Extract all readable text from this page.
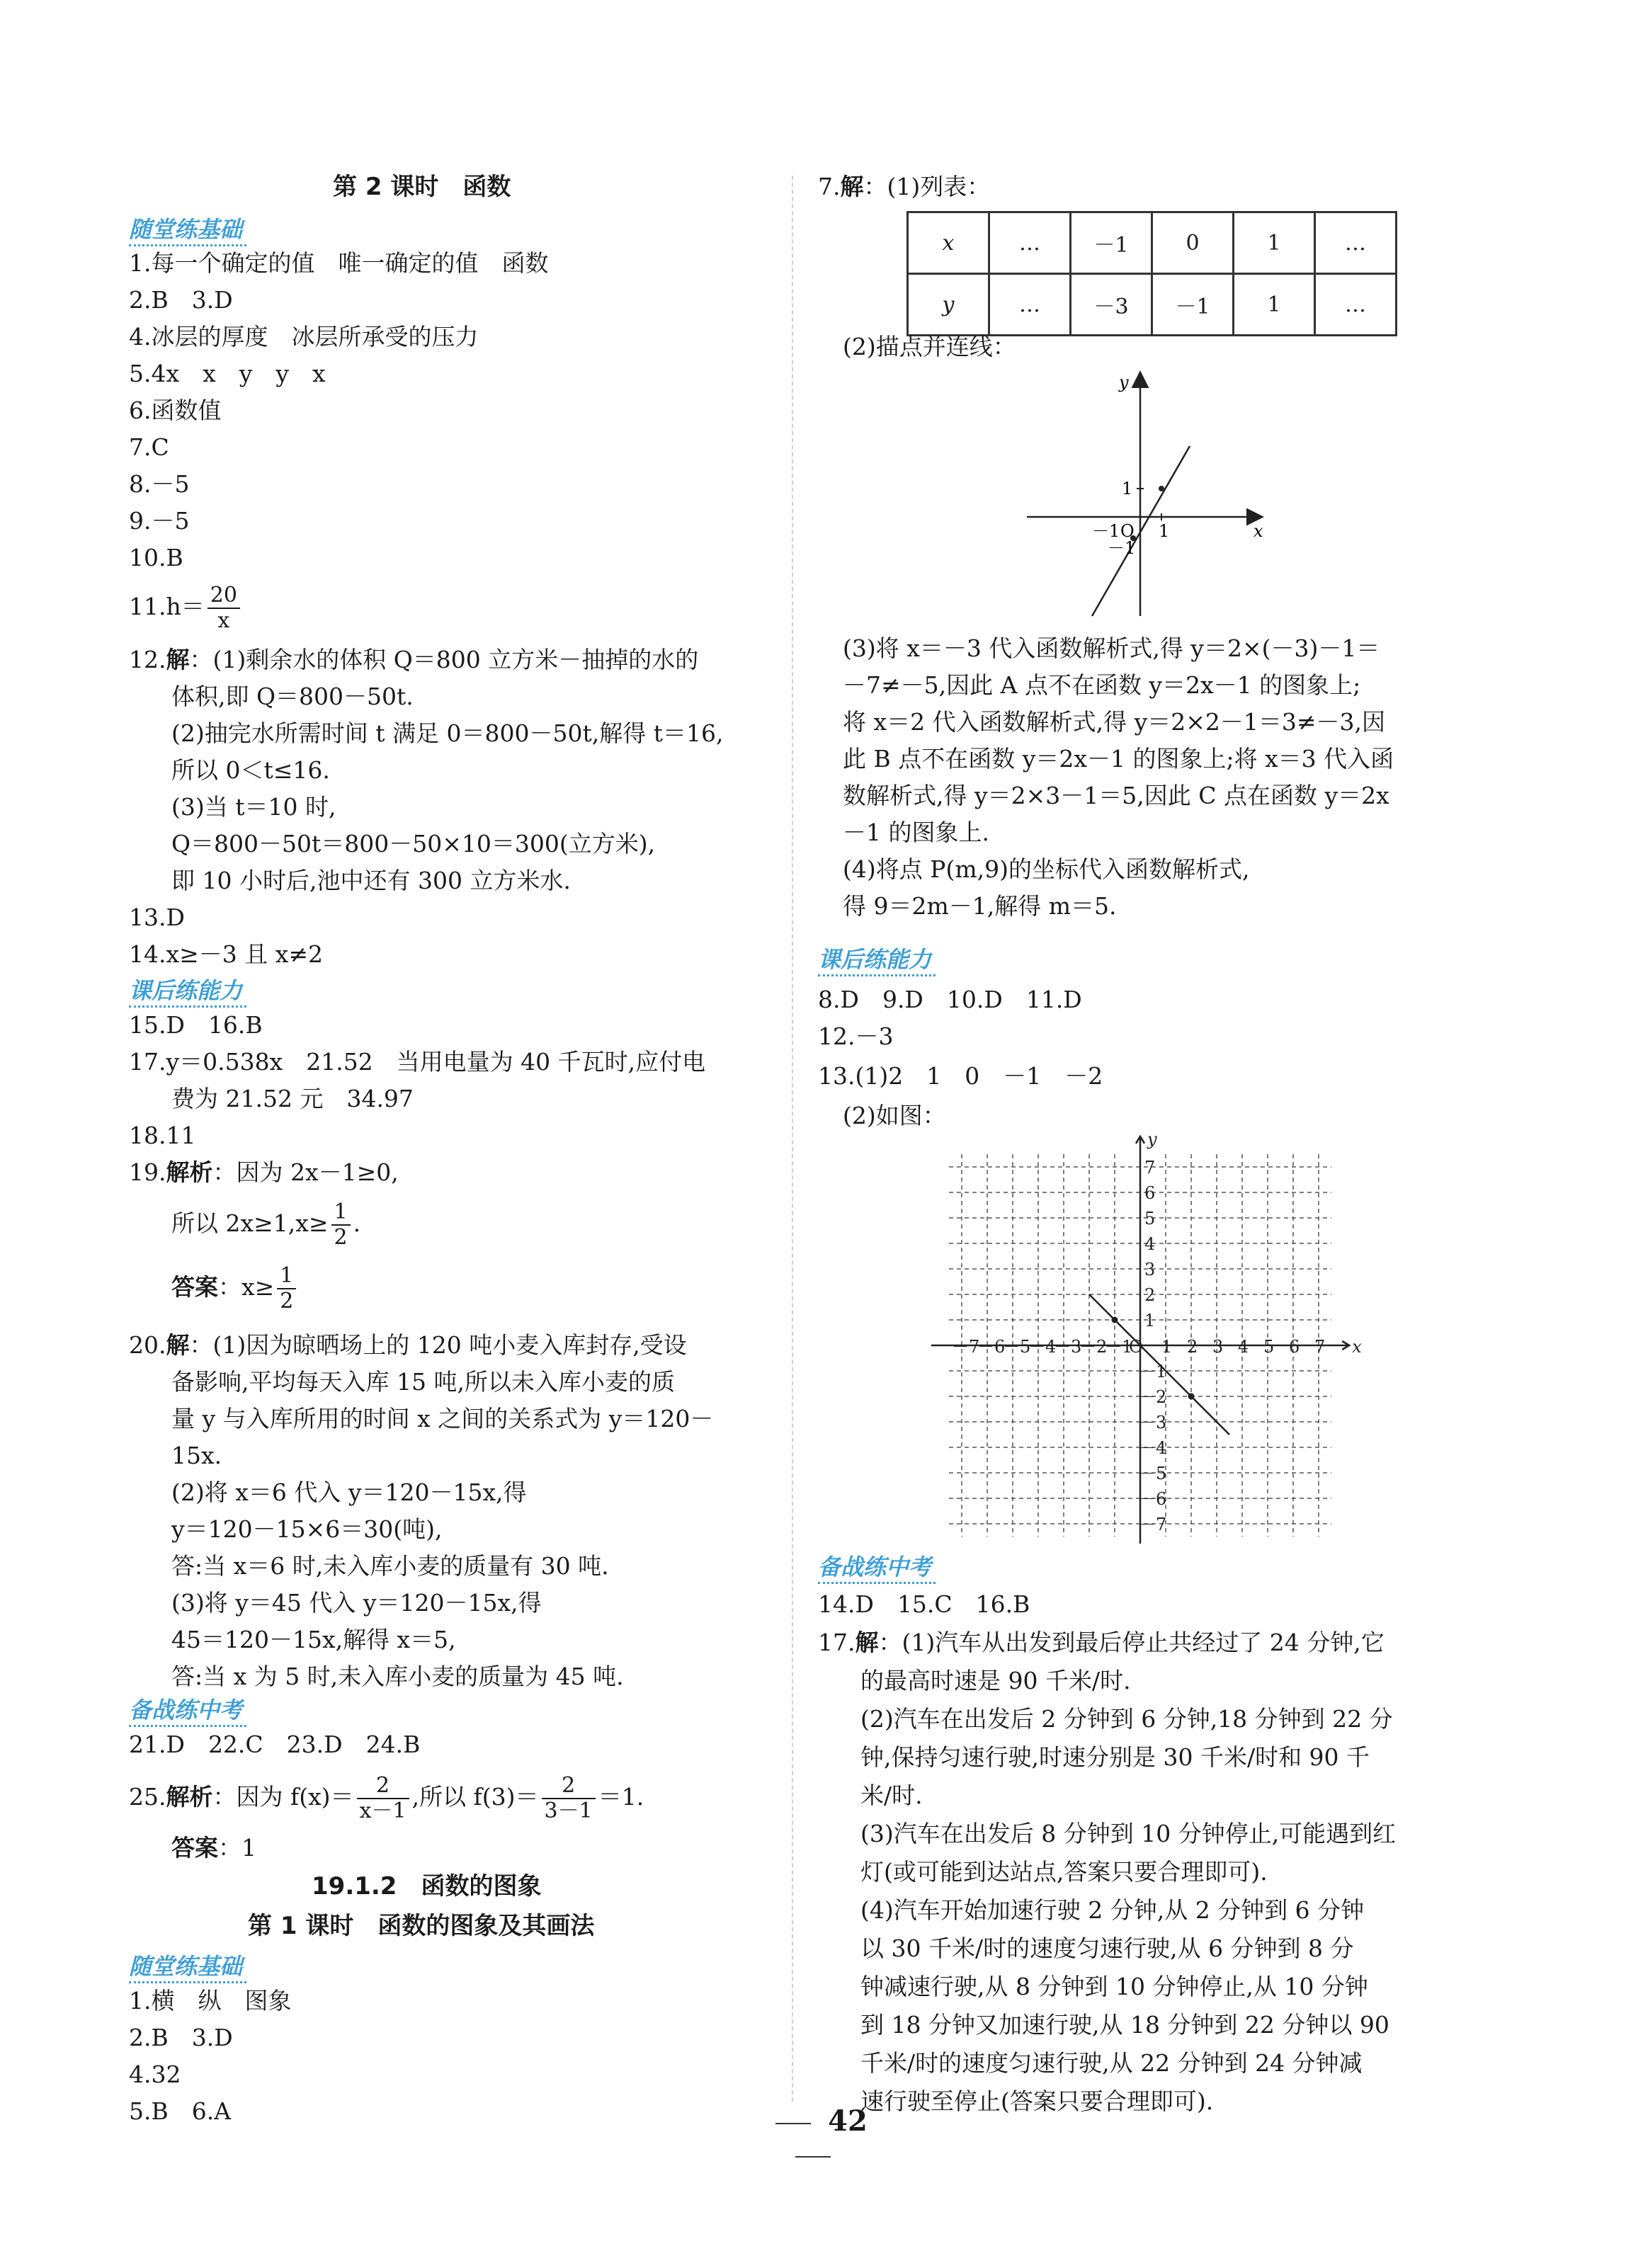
第 2 课时　函数
随堂练基础
1.每一个确定的值　唯一确定的值　函数
2.B　3.D
4.冰层的厚度　冰层所承受的压力
5.4x　x　y　y　x
6.函数值
7.C
8.－5
9.－5
10.B
$11.h= \frac{20}{x}$
12.解：(1)剩余水的体积 Q＝800 立方米－抽掉的水的
体积,即 Q＝800－50t.
(2)抽完水所需时间 t 满足 0＝800－50t,解得 t＝16,
所以 0＜t≤16.
(3)当 t＝10 时,
Q＝800－50t＝800－50×10＝300(立方米),
即 10 小时后,池中还有 300 立方米水.
13.D
14.x≥－3 且 x≠2
课后练能力
15.D　16.B
17.y＝0.538x　21.52　当用电量为 40 千瓦时,应付电
费为 21.52 元　34.97
18.11
19.解析：因为 2x－1≥0,
所以 $2x\ge 1,x\ge \frac{1}{2}$ .
答案：$x\ge \frac{1}{2}$
20.解：(1)因为晾晒场上的 120 吨小麦入库封存,受设
备影响,平均每天入库 15 吨,所以未入库小麦的质
量 y 与入库所用的时间 x 之间的关系式为 y＝120－
15x.
(2)将 x＝6 代入 y＝120－15x,得
y＝120－15×6＝30(吨),
答:当 x＝6 时,未入库小麦的质量有 30 吨.
(3)将 y＝45 代入 y＝120－15x,得
45＝120－15x,解得 x＝5,
答:当 x 为 5 时,未入库小麦的质量为 45 吨.
备战练中考
21.D　22.C　23.D　24.B
25.解析：因为 $f(x)= \frac{2}{x-1}$ ,所以 $f(3)= \frac{2}{3-1} =1$.
答案：1
19.1.2　函数的图象
第 1 课时　函数的图象及其画法
随堂练基础
1.横　纵　图象
2.B　3.D
4.32
5.B　6.A
7.解：(1)列表：
x	…	－1	0	1	…
y	…	－3	－1	1	…
(2)描点并连线：
y
x
1
－1 O 1
－1
(3)将 x＝－3 代入函数解析式,得 y＝2×(－3)－1＝
－7≠－5,因此 A 点不在函数 y＝2x－1 的图象上;
将 x＝2 代入函数解析式,得 y＝2×2－1＝3≠－3,因
此 B 点不在函数 y＝2x－1 的图象上;将 x＝3 代入函
数解析式,得 y＝2×3－1＝5,因此 C 点在函数 y＝2x
－1 的图象上.
(4)将点 P(m,9)的坐标代入函数解析式,
得 9＝2m－1,解得 m＝5.
课后练能力
8.D　9.D　10.D　11.D
12.－3
13.(1)2　1　0　－1　－2
(2)如图：
－7
－6
－5
－4
－3
－2
－1 1 2 3 4 5 6 7
7
6
5
4
3
2
1
－1
－2
－3
－4
－5
－6
－7
O	x
y
备战练中考
14.D　15.C　16.B
17.解：(1)汽车从出发到最后停止共经过了 24 分钟,它
的最高时速是 90 千米/时.
(2)汽车在出发后 2 分钟到 6 分钟,18 分钟到 22 分
钟,保持匀速行驶,时速分别是 30 千米/时和 90 千
米/时.
(3)汽车在出发后 8 分钟到 10 分钟停止,可能遇到红
灯(或可能到达站点,答案只要合理即可).
(4)汽车开始加速行驶 2 分钟,从 2 分钟到 6 分钟
以 30 千米/时的速度匀速行驶,从 6 分钟到 8 分
钟减速行驶,从 8 分钟到 10 分钟停止,从 10 分钟
到 18 分钟又加速行驶,从 18 分钟到 22 分钟以 90
千米/时的速度匀速行驶,从 22 分钟到 24 分钟减
速行驶至停止(答案只要合理即可).
42
